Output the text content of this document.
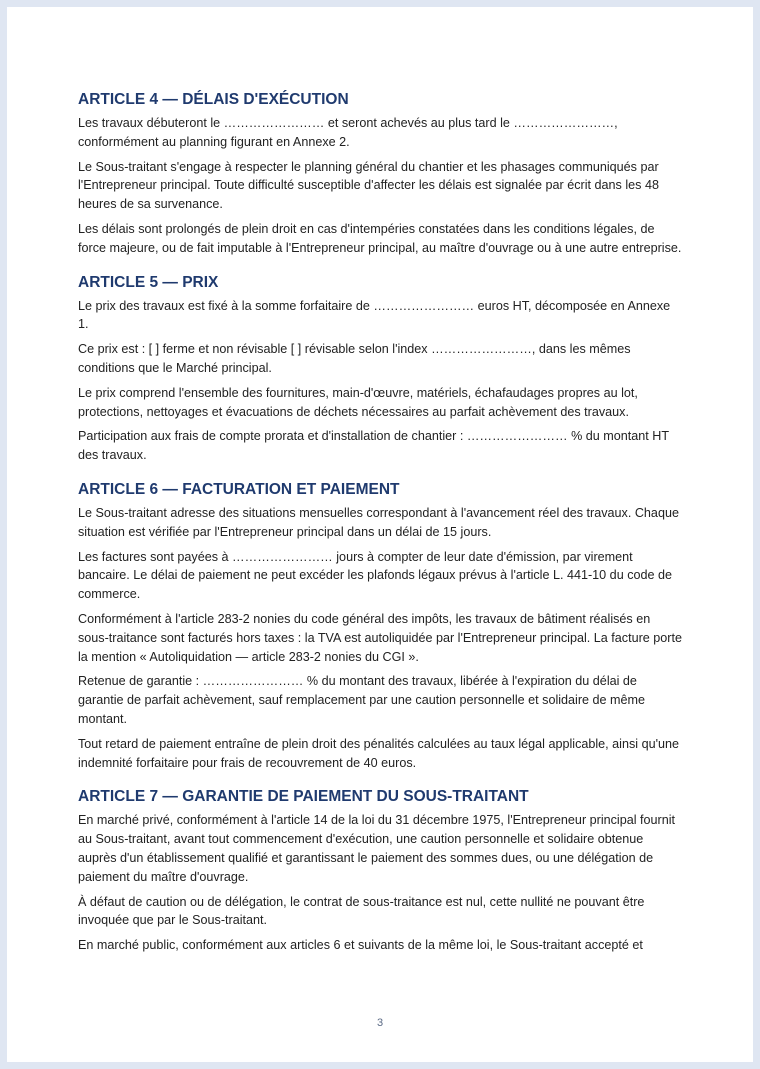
ARTICLE 4 — DÉLAIS D'EXÉCUTION

Les travaux débuteront le …………………… et seront achevés au plus tard le ……………………, conformément au planning figurant en Annexe 2.

Le Sous-traitant s'engage à respecter le planning général du chantier et les phasages communiqués par l'Entrepreneur principal. Toute difficulté susceptible d'affecter les délais est signalée par écrit dans les 48 heures de sa survenance.

Les délais sont prolongés de plein droit en cas d'intempéries constatées dans les conditions légales, de force majeure, ou de fait imputable à l'Entrepreneur principal, au maître d'ouvrage ou à une autre entreprise.

ARTICLE 5 — PRIX

Le prix des travaux est fixé à la somme forfaitaire de …………………… euros HT, décomposée en Annexe 1.

Ce prix est : [ ] ferme et non révisable [ ] révisable selon l'index ……………………, dans les mêmes conditions que le Marché principal.

Le prix comprend l'ensemble des fournitures, main-d'œuvre, matériels, échafaudages propres au lot, protections, nettoyages et évacuations de déchets nécessaires au parfait achèvement des travaux.

Participation aux frais de compte prorata et d'installation de chantier : …………………… % du montant HT des travaux.

ARTICLE 6 — FACTURATION ET PAIEMENT

Le Sous-traitant adresse des situations mensuelles correspondant à l'avancement réel des travaux. Chaque situation est vérifiée par l'Entrepreneur principal dans un délai de 15 jours.

Les factures sont payées à …………………… jours à compter de leur date d'émission, par virement bancaire. Le délai de paiement ne peut excéder les plafonds légaux prévus à l'article L. 441-10 du code de commerce.

Conformément à l'article 283-2 nonies du code général des impôts, les travaux de bâtiment réalisés en sous-traitance sont facturés hors taxes : la TVA est autoliquidée par l'Entrepreneur principal. La facture porte la mention « Autoliquidation — article 283-2 nonies du CGI ».

Retenue de garantie : …………………… % du montant des travaux, libérée à l'expiration du délai de garantie de parfait achèvement, sauf remplacement par une caution personnelle et solidaire de même montant.

Tout retard de paiement entraîne de plein droit des pénalités calculées au taux légal applicable, ainsi qu'une indemnité forfaitaire pour frais de recouvrement de 40 euros.

ARTICLE 7 — GARANTIE DE PAIEMENT DU SOUS-TRAITANT

En marché privé, conformément à l'article 14 de la loi du 31 décembre 1975, l'Entrepreneur principal fournit au Sous-traitant, avant tout commencement d'exécution, une caution personnelle et solidaire obtenue auprès d'un établissement qualifié et garantissant le paiement des sommes dues, ou une délégation de paiement du maître d'ouvrage.

À défaut de caution ou de délégation, le contrat de sous-traitance est nul, cette nullité ne pouvant être invoquée que par le Sous-traitant.

En marché public, conformément aux articles 6 et suivants de la même loi, le Sous-traitant accepté et

3
